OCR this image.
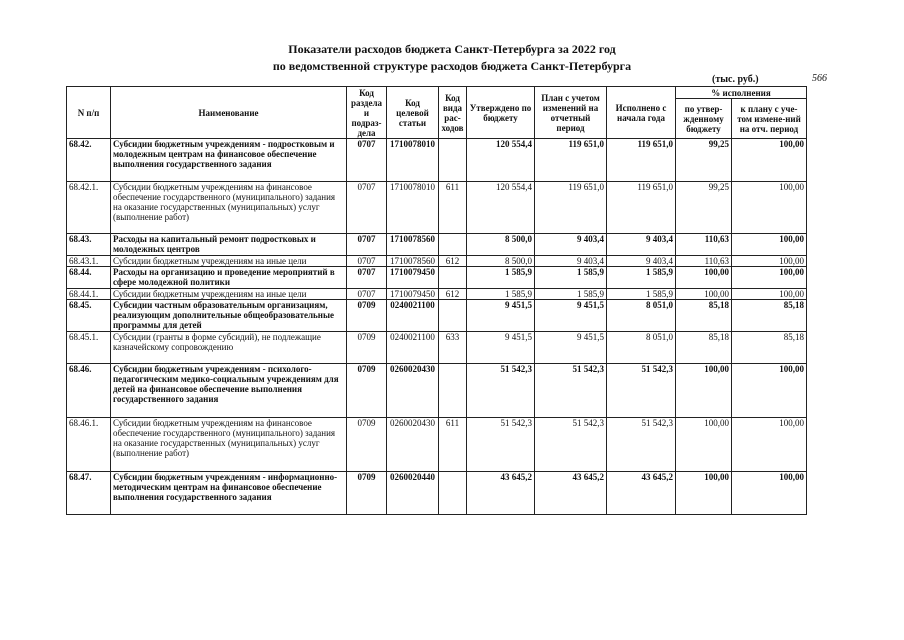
Показатели расходов бюджета Санкт-Петербурга за 2022 год
по ведомственной структуре расходов бюджета Санкт-Петербурга
(тыс. руб.)	566
N п/п	Наименование	Код раздела и подраз-дела	Код целевой статьи	Код вида рас-ходов	Утверждено по бюджету	План с учетом изменений на отчетный период	Исполнено с начала года	% исполнения	
								по утвер-жденному бюджету	к плану с уче-том измене-ний на отч. период
68.42.	Субсидии бюджетным учреждениям - подростковым и молодежным центрам на финансовое обеспечение выполнения государственного задания	0707	1710078010		120 554,4	119 651,0	119 651,0	99,25	100,00
68.42.1.	Субсидии бюджетным учреждениям на финансовое обеспечение государственного (муниципального) задания на оказание государственных (муниципальных) услуг (выполнение работ)	0707	1710078010	611	120 554,4	119 651,0	119 651,0	99,25	100,00
68.43.	Расходы на капитальный ремонт подростковых и молодежных центров	0707	1710078560		8 500,0	9 403,4	9 403,4	110,63	100,00
68.43.1.	Субсидии бюджетным учреждениям на иные цели	0707	1710078560	612	8 500,0	9 403,4	9 403,4	110,63	100,00
68.44.	Расходы на организацию и проведение мероприятий в сфере молодежной политики	0707	1710079450		1 585,9	1 585,9	1 585,9	100,00	100,00
68.44.1.	Субсидии бюджетным учреждениям на иные цели	0707	1710079450	612	1 585,9	1 585,9	1 585,9	100,00	100,00
68.45.	Субсидии частным образовательным организациям, реализующим дополнительные общеобразовательные программы для детей	0709	0240021100		9 451,5	9 451,5	8 051,0	85,18	85,18
68.45.1.	Субсидии (гранты в форме субсидий), не подлежащие казначейскому сопровождению	0709	0240021100	633	9 451,5	9 451,5	8 051,0	85,18	85,18
68.46.	Субсидии бюджетным учреждениям - психолого-педагогическим медико-социальным учреждениям для детей на финансовое обеспечение выполнения государственного задания	0709	0260020430		51 542,3	51 542,3	51 542,3	100,00	100,00
68.46.1.	Субсидии бюджетным учреждениям на финансовое обеспечение государственного (муниципального) задания на оказание государственных (муниципальных) услуг (выполнение работ)	0709	0260020430	611	51 542,3	51 542,3	51 542,3	100,00	100,00
68.47.	Субсидии бюджетным учреждениям - информационно-методическим центрам на финансовое обеспечение выполнения государственного задания	0709	0260020440		43 645,2	43 645,2	43 645,2	100,00	100,00
